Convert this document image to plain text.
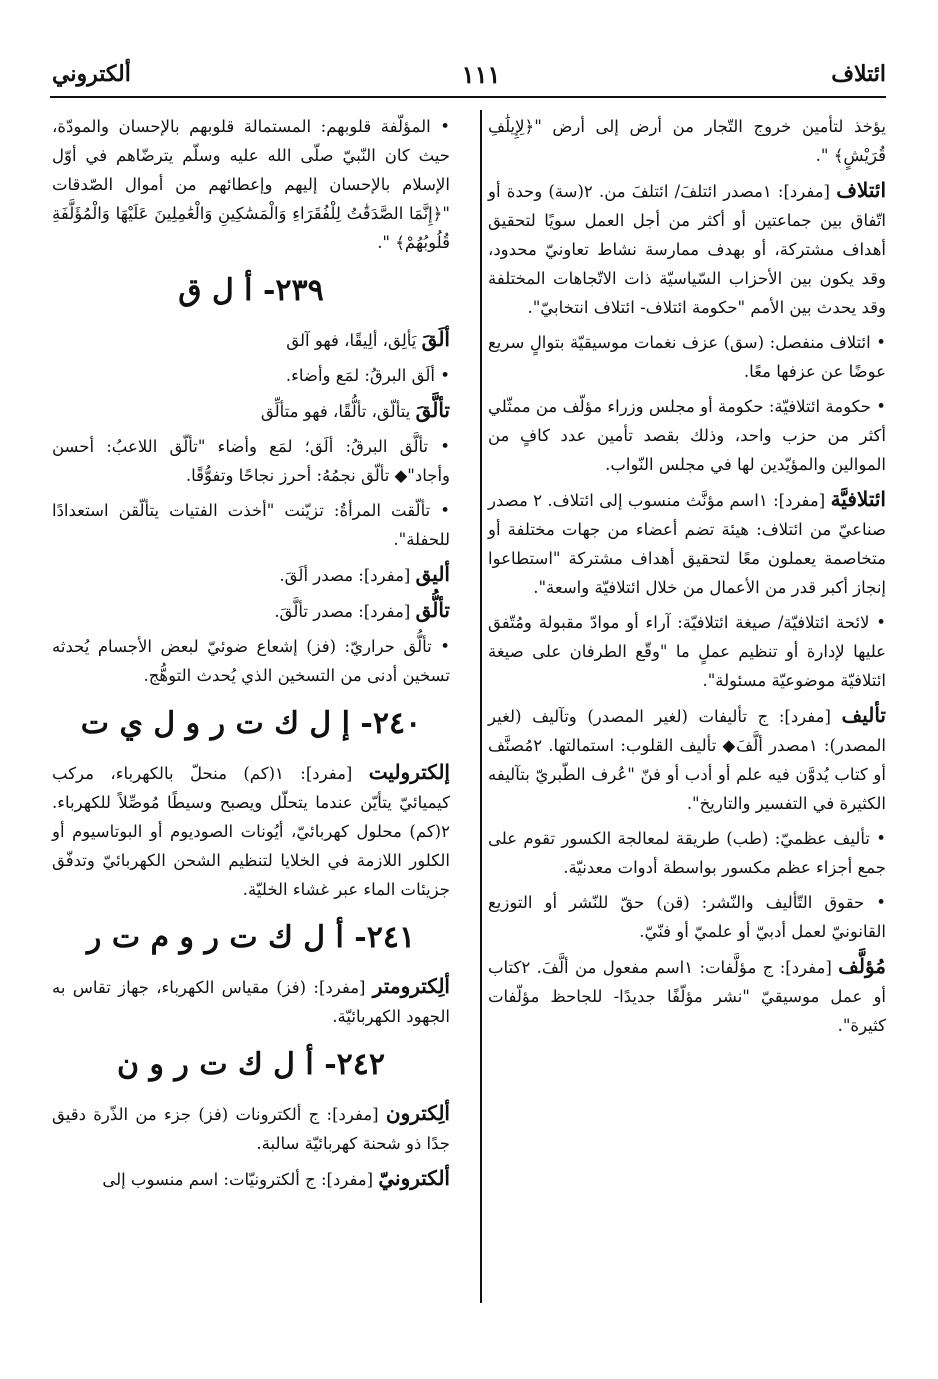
ائتلاف
١١١
ألكتروني

يؤخذ لتأمين خروج التّجار من أرض إلى أرض "﴿لِإِيلَٰفِ قُرَيْشٍ﴾ ".

ائتلاف [مفرد]: ١مصدر ائتلفَ/ ائتلفَ من. ٢(سة) وحدة أو اتّفاق بين جماعتين أو أكثر من أجل العمل سويًا لتحقيق أهداف مشتركة، أو بهدف ممارسة نشاط تعاونيّ محدود، وقد يكون بين الأحزاب السّياسيّة ذات الاتّجاهات المختلفة وقد يحدث بين الأمم "حكومة ائتلاف- ائتلاف انتخابيّ".

• ائتلاف منفصل: (سق) عزف نغمات موسيقيّة بتوالٍ سريع عوضًا عن عزفها معًا.

• حكومة ائتلافيّة: حكومة أو مجلس وزراء مؤلّف من ممثّلي أكثر من حزب واحد، وذلك بقصد تأمين عدد كافٍ من الموالين والمؤيّدين لها في مجلس النّواب.

ائتلافيَّة [مفرد]: ١اسم مؤنَّث منسوب إلى ائتلاف. ٢ مصدر صناعيّ من ائتلاف: هيئة تضم أعضاء من جهات مختلفة أو متخاصمة يعملون معًا لتحقيق أهداف مشتركة "استطاعوا إنجاز أكبر قدر من الأعمال من خلال ائتلافيّة واسعة".

• لائحة ائتلافيّة/ صيغة ائتلافيّة: آراء أو موادّ مقبولة ومُتّفق عليها لإدارة أو تنظيم عملٍ ما "وقّع الطرفان على صيغة ائتلافيّة موضوعيّة مسئولة".

تأليف [مفرد]: ج تأليفات (لغير المصدر) وتآليف (لغير المصدر): ١مصدر ألَّفَ◆ تأليف القلوب: استمالتها. ٢مُصنَّف أو كتاب يُدوَّن فيه علم أو أدب أو فنّ "عُرف الطّبريّ بتآليفه الكثيرة في التفسير والتاريخ".

• تأليف عظميّ: (طب) طريقة لمعالجة الكسور تقوم على جمع أجزاء عظم مكسور بواسطة أدوات معدنيّة.

• حقوق التّأليف والنّشر: (قن) حقّ للنّشر أو التوزيع القانونيّ لعمل أدبيّ أو علميّ أو فنّيّ.

مُؤلَّف [مفرد]: ج مؤلَّفات: ١اسم مفعول من ألَّفَ. ٢كتاب أو عمل موسيقيّ "نشر مؤلّفًا جديدًا- للجاحظ مؤلّفات كثيرة".

• المؤلّفة قلوبهم: المستمالة قلوبهم بالإحسان والمودّة، حيث كان النّبيّ صلّى الله عليه وسلّم يترضّاهم في أوّل الإسلام بالإحسان إليهم وإعطائهم من أموال الصّدقات "﴿إِنَّمَا الصَّدَقَٰتُ لِلْفُقَرَاءِ وَالْمَسَٰكِينِ وَالْعَٰمِلِينَ عَلَيْهَا وَالْمُؤَلَّفَةِ قُلُوبُهُمْ﴾ ".

٢٣٩- أ ل ق

ألَقَ يَألِق، ألِيقًا، فهو آلق

• ألَق البرقُ: لمَع وأضاء.

تألَّقَ يتألّق، تألُّقًا، فهو متألِّق

• تألَّق البرقُ: ألَق؛ لمَع وأضاء "تألّق اللاعبُ: أحسن وأجاد"◆ تألّق نجمُهُ: أحرز نجاحًا وتفوُّقًا.

• تألّقت المرأةُ: تزيّنت "أخذت الفتيات يتألّقن استعدادًا للحفلة".

أليق [مفرد]: مصدر ألَقَ.

تألُّق [مفرد]: مصدر تألَّقَ.

• تألُّق حراريّ: (فز) إشعاع ضوئيّ لبعض الأجسام يُحدثه تسخين أدنى من التسخين الذي يُحدث التوهُّج.

٢٤٠- إ ل ك ت ر و ل ي ت

إلكتروليت [مفرد]: ١(كم) منحلّ بالكهرباء، مركب كيميائيّ يتأيّن عندما يتحلّل ويصبح وسيطًا مُوصِّلاً للكهرباء. ٢(كم) محلول كهربائيّ، أيُونات الصوديوم أو البوتاسيوم أو الكلور اللازمة في الخلايا لتنظيم الشحن الكهربائيّ وتدفّق جزيئات الماء عبر غشاء الخليّة.

٢٤١- أ ل ك ت ر و م ت ر

ألِكترومتر [مفرد]: (فز) مقياس الكهرباء، جهاز تقاس به الجهود الكهربائيّة.

٢٤٢- أ ل ك ت ر و ن

ألِكترون [مفرد]: ج ألكترونات (فز) جزء من الذّرة دقيق جدًا ذو شحنة كهربائيّة سالبة.

ألكترونيّ [مفرد]: ج ألكترونيّات: اسم منسوب إلى
